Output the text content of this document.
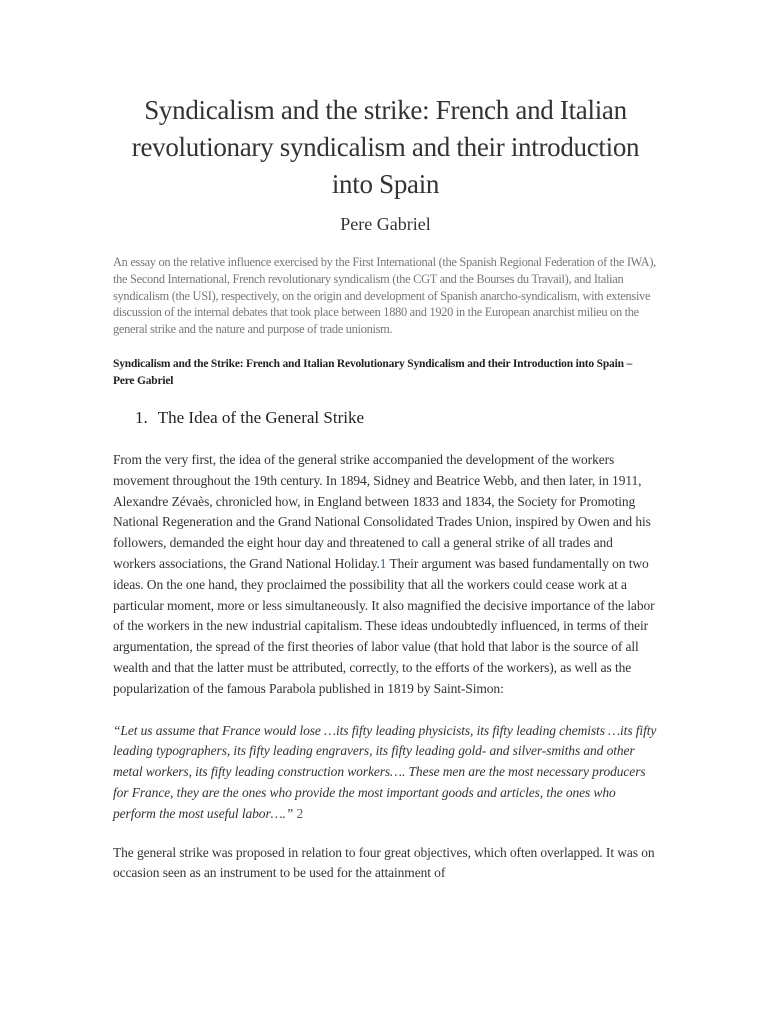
Syndicalism and the strike: French and Italian revolutionary syndicalism and their introduction into Spain
Pere Gabriel

An essay on the relative influence exercised by the First International (the Spanish Regional Federation of the IWA), the Second International, French revolutionary syndicalism (the CGT and the Bourses du Travail), and Italian syndicalism (the USI), respectively, on the origin and development of Spanish anarcho-syndicalism, with extensive discussion of the internal debates that took place between 1880 and 1920 in the European anarchist milieu on the general strike and the nature and purpose of trade unionism.

Syndicalism and the Strike: French and Italian Revolutionary Syndicalism and their Introduction into Spain – Pere Gabriel

1. The Idea of the General Strike

From the very first, the idea of the general strike accompanied the development of the workers movement throughout the 19th century. In 1894, Sidney and Beatrice Webb, and then later, in 1911, Alexandre Zévaès, chronicled how, in England between 1833 and 1834, the Society for Promoting National Regeneration and the Grand National Consolidated Trades Union, inspired by Owen and his followers, demanded the eight hour day and threatened to call a general strike of all trades and workers associations, the Grand National Holiday.1 Their argument was based fundamentally on two ideas. On the one hand, they proclaimed the possibility that all the workers could cease work at a particular moment, more or less simultaneously. It also magnified the decisive importance of the labor of the workers in the new industrial capitalism. These ideas undoubtedly influenced, in terms of their argumentation, the spread of the first theories of labor value (that hold that labor is the source of all wealth and that the latter must be attributed, correctly, to the efforts of the workers), as well as the popularization of the famous Parabola published in 1819 by Saint-Simon:

“Let us assume that France would lose …its fifty leading physicists, its fifty leading chemists …its fifty leading typographers, its fifty leading engravers, its fifty leading gold- and silver-smiths and other metal workers, its fifty leading construction workers…. These men are the most necessary producers for France, they are the ones who provide the most important goods and articles, the ones who perform the most useful labor….” 2

The general strike was proposed in relation to four great objectives, which often overlapped. It was on occasion seen as an instrument to be used for the attainment of
